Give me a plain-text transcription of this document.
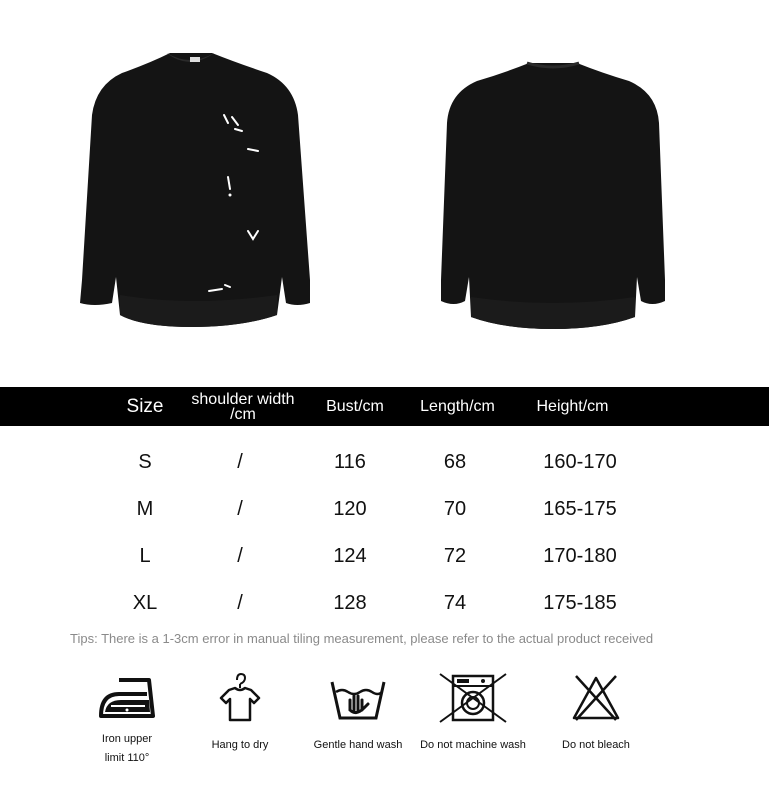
Size	shoulder width /cm	Bust/cm	Length/cm	Height/cm
S	/	116	68	160-170
M	/	120	70	165-175
L	/	124	72	170-180
XL	/	128	74	175-185
Tips: There is a 1-3cm error in manual tiling measurement, please refer to the actual product received
Iron upper
limit 110°
Hang to dry	Gentle hand wash	Do not machine wash	Do not bleach
